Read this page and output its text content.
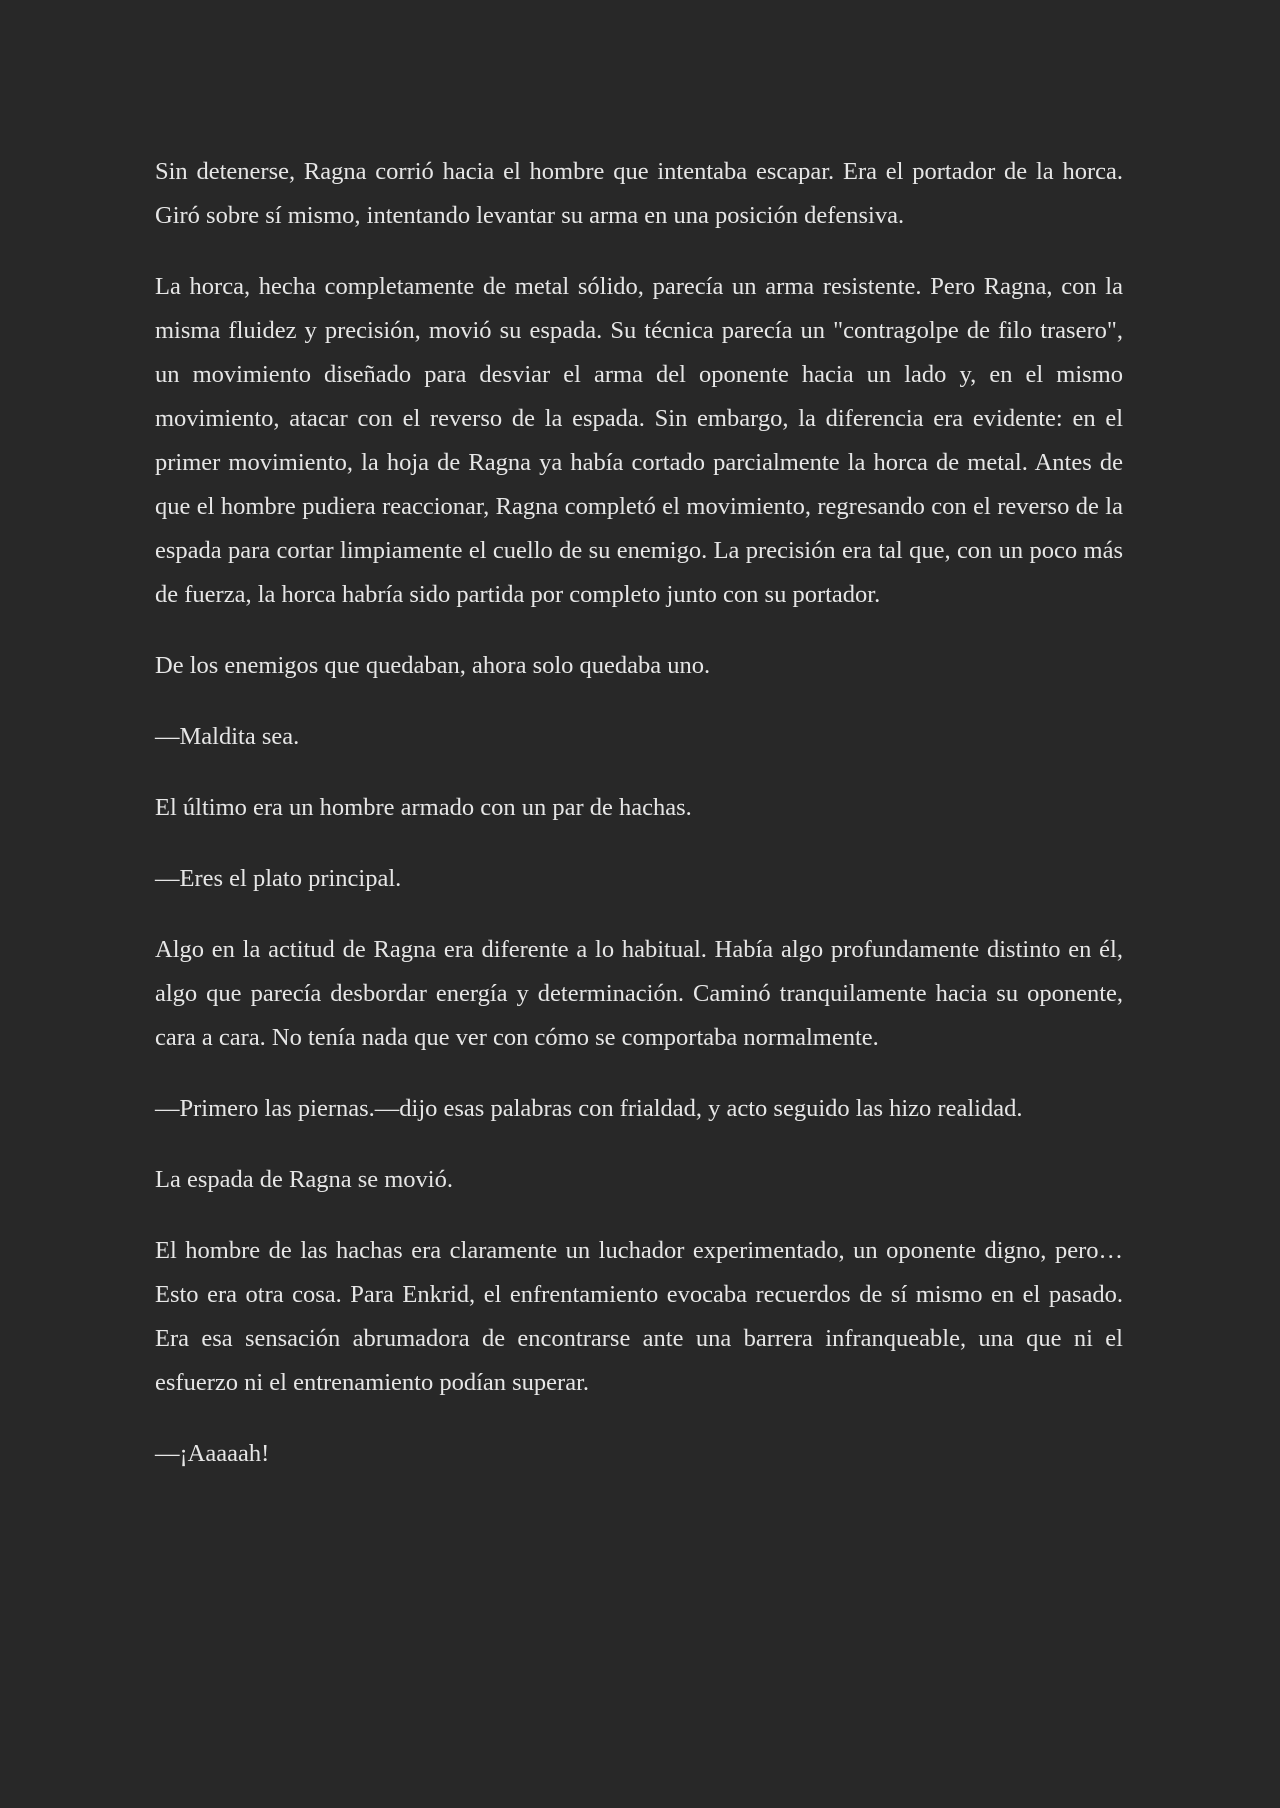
Sin detenerse, Ragna corrió hacia el hombre que intentaba escapar. Era el portador de la horca. Giró sobre sí mismo, intentando levantar su arma en una posición defensiva.

La horca, hecha completamente de metal sólido, parecía un arma resistente. Pero Ragna, con la misma fluidez y precisión, movió su espada. Su técnica parecía un "contragolpe de filo trasero", un movimiento diseñado para desviar el arma del oponente hacia un lado y, en el mismo movimiento, atacar con el reverso de la espada. Sin embargo, la diferencia era evidente: en el primer movimiento, la hoja de Ragna ya había cortado parcialmente la horca de metal. Antes de que el hombre pudiera reaccionar, Ragna completó el movimiento, regresando con el reverso de la espada para cortar limpiamente el cuello de su enemigo. La precisión era tal que, con un poco más de fuerza, la horca habría sido partida por completo junto con su portador.

De los enemigos que quedaban, ahora solo quedaba uno.

—Maldita sea.

El último era un hombre armado con un par de hachas.

—Eres el plato principal.

Algo en la actitud de Ragna era diferente a lo habitual. Había algo profundamente distinto en él, algo que parecía desbordar energía y determinación. Caminó tranquilamente hacia su oponente, cara a cara. No tenía nada que ver con cómo se comportaba normalmente.

—Primero las piernas.—dijo esas palabras con frialdad, y acto seguido las hizo realidad.

La espada de Ragna se movió.

El hombre de las hachas era claramente un luchador experimentado, un oponente digno, pero… Esto era otra cosa. Para Enkrid, el enfrentamiento evocaba recuerdos de sí mismo en el pasado. Era esa sensación abrumadora de encontrarse ante una barrera infranqueable, una que ni el esfuerzo ni el entrenamiento podían superar.

—¡Aaaaah!
